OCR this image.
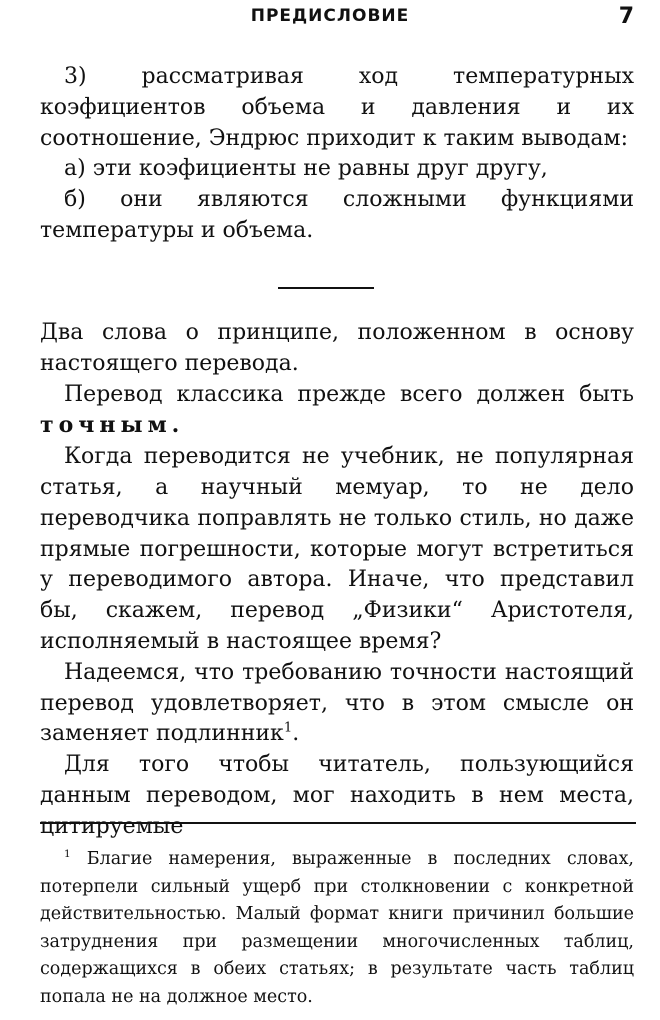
ПРЕДИСЛОВИЕ	7

3) рассматривая ход температурных коэфициентов объема и давления и их соотношение, Эндрюс приходит к таким выводам:

а) эти коэфициенты не равны друг другу,

б) они являются сложными функциями температуры и объема.

Два слова о принципе, положенном в основу настоящего перевода.

Перевод классика прежде всего должен быть точным.

Когда переводится не учебник, не популярная статья, а научный мемуар, то не дело переводчика поправлять не только стиль, но даже прямые погрешности, которые могут встретиться у переводимого автора. Иначе, что представил бы, скажем, перевод „Физики“ Аристотеля, исполняемый в настоящее время?

Надеемся, что требованию точности настоящий перевод удовлетворяет, что в этом смысле он заменяет подлинник$^1$.

Для того чтобы читатель, пользующийся данным переводом, мог находить в нем места, цитируемые

$^1$ Благие намерения, выраженные в последних словах, потерпели сильный ущерб при столкновении с конкретной действительностью. Малый формат книги причинил большие затруднения при размещении многочисленных таблиц, содержащихся в обеих статьях; в результате часть таблиц попала не на должное место.
